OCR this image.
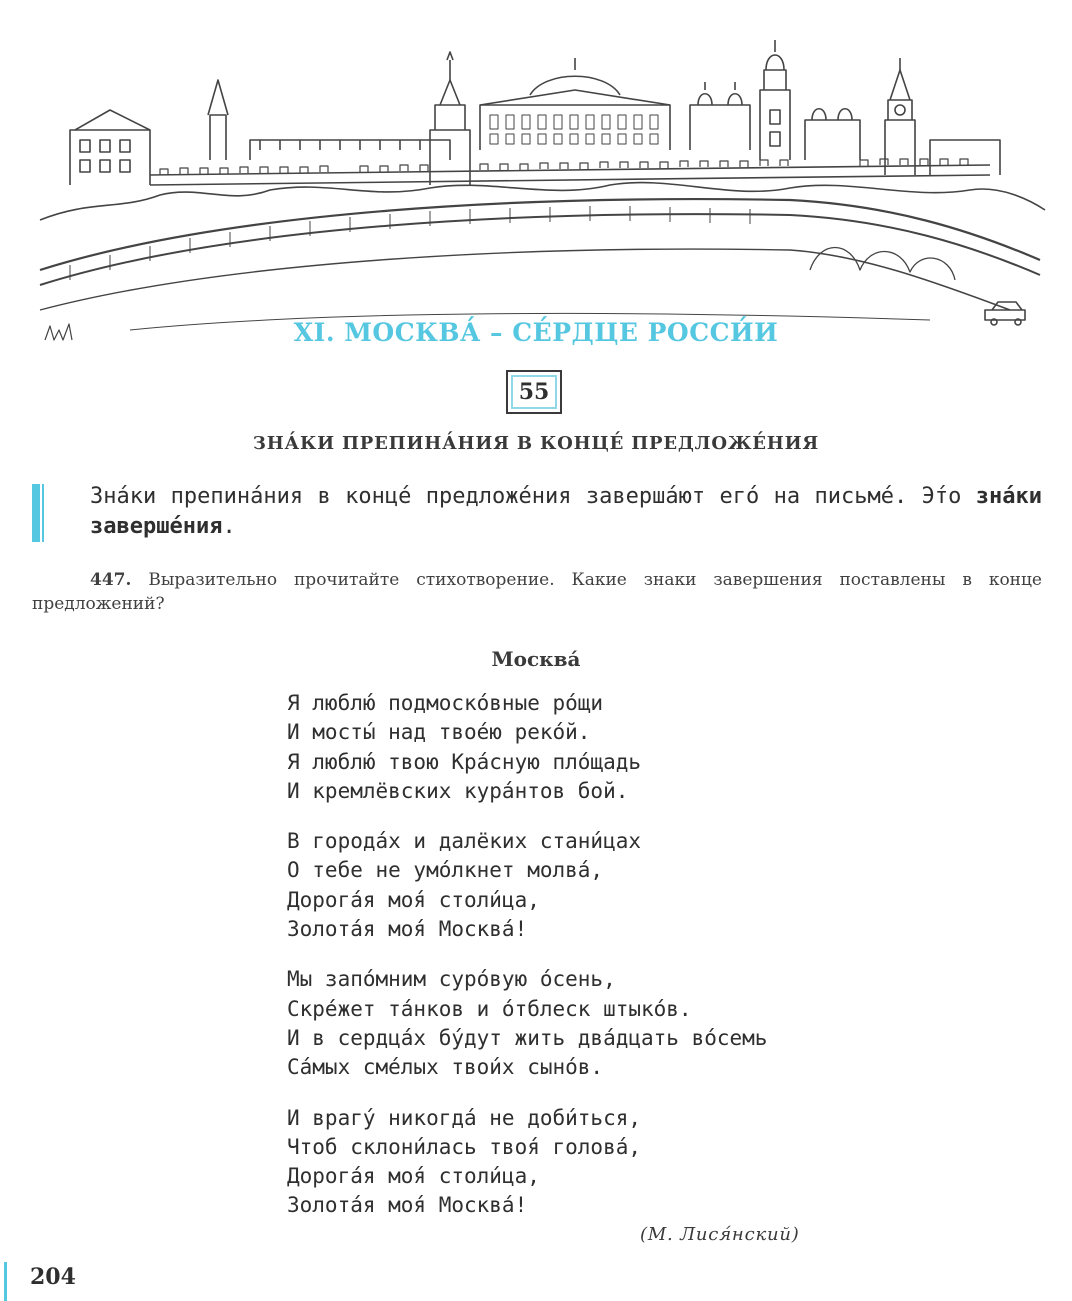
XI. МОСКВА́ – СЕ́РДЦЕ РОССИ́И
55
ЗНА́КИ ПРЕПИНА́НИЯ В КОНЦЕ́ ПРЕДЛОЖЕ́НИЯ
Зна́ки препина́ния в конце́ предложе́ния заверша́ют его́ на письме́. Э́то зна́ки заверше́ния.
447. Выразительно прочитайте стихотворение. Какие знаки завершения поставлены в конце предложений?
Москва́
Я люблю́ подмоско́вные ро́щи
И мосты́ над твое́ю реко́й.
Я люблю́ твою Кра́сную пло́щадь
И кремлёвских кура́нтов бой.
В города́х и далёких стани́цах
О тебе не умо́лкнет молва́,
Дорога́я моя́ столи́ца,
Золота́я моя́ Москва́!
Мы запо́мним суро́вую о́сень,
Скре́жет та́нков и о́тблеск штыко́в.
И в сердца́х бу́дут жить два́дцать во́семь
Са́мых сме́лых твои́х сыно́в.
И врагу́ никогда́ не доби́ться,
Чтоб склони́лась твоя́ голова́,
Дорога́я моя́ столи́ца,
Золота́я моя́ Москва́!
(М. Лися́нский)
204
